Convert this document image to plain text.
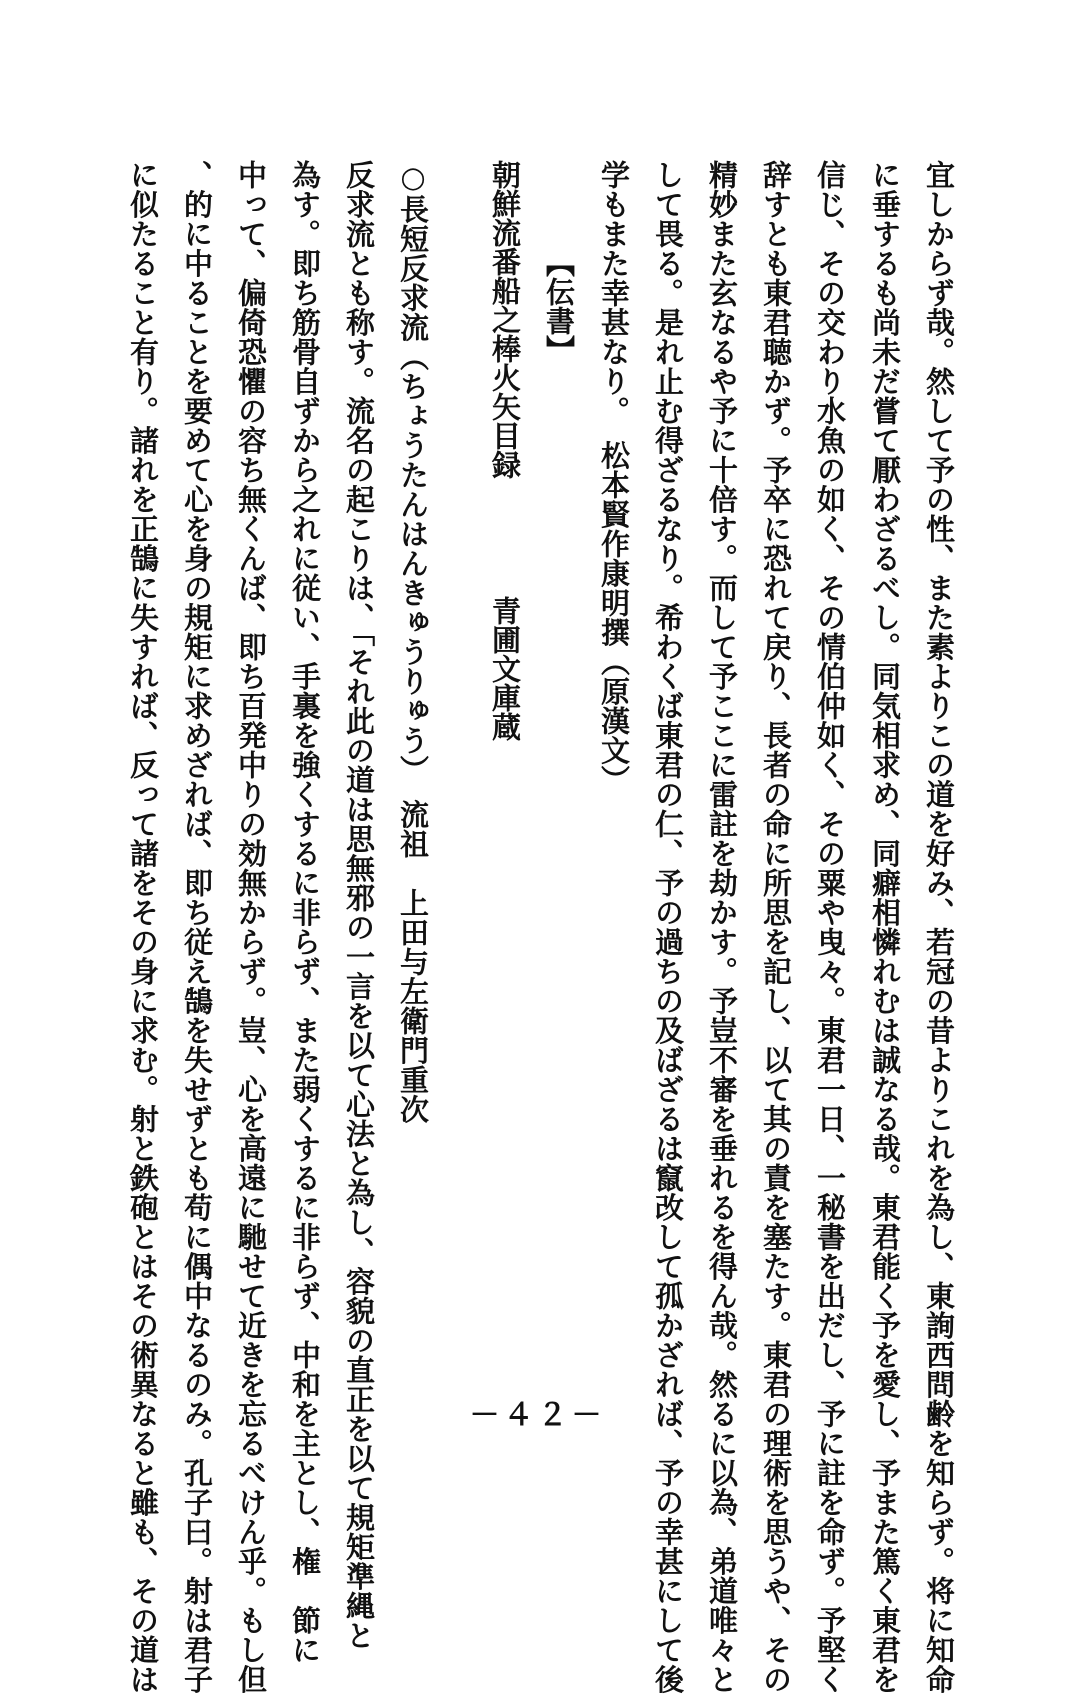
宜しからず哉。然して予の性、また素よりこの道を好み、若冠の昔よりこれを為し、東詢西問齢を知らず。将に知命
に垂するも尚未だ嘗て厭わざるべし。同気相求め、同癖相憐れむは誠なる哉。東君能く予を愛し、予また篤く東君を
信じ、その交わり水魚の如く、その情伯仲如く、その粟や曳々。東君一日、一秘書を出だし、予に註を命ず。予堅く
辞すとも東君聴かず。予卒に恐れて戻り、長者の命に所思を記し、以て其の責を塞たす。東君の理術を思うや、その
精妙また玄なるや予に十倍す。而して予ここに雷註を劫かす。予豈不審を垂れるを得ん哉。然るに以為、弟道唯々と
して畏る。是れ止む得ざるなり。希わくば東君の仁、予の過ちの及ばざるは竄改して孤かざれば、予の幸甚にして後
学もまた幸甚なり。　松本賢作康明撰（原漢文）
【伝書】
朝鮮流番船之棒火矢目録
青圃文庫蔵
○長短反求流（ちょうたんはんきゅうりゅう）　流祖　上田与左衛門重次
反求流とも称す。流名の起こりは、「それ此の道は思無邪の一言を以て心法と為し、容貌の直正を以て規矩準縄と
為す。即ち筋骨自ずから之れに従い、手裏を強くするに非らず、また弱くするに非らず、中和を主とし、権　節に
中って、偏倚恐懼の容ち無くんば、即ち百発中りの効無からず。豈、心を高遠に馳せて近きを忘るべけん乎。もし但
、的に中ることを要めて心を身の規矩に求めざれば、即ち従え鵠を失せずとも苟に偶中なるのみ。孔子曰。射は君子
に似たること有り。諸れを正鵠に失すれば、反って諸をその身に求む。射と鉄砲とはその術異なると雖も、その道は	－４２－
